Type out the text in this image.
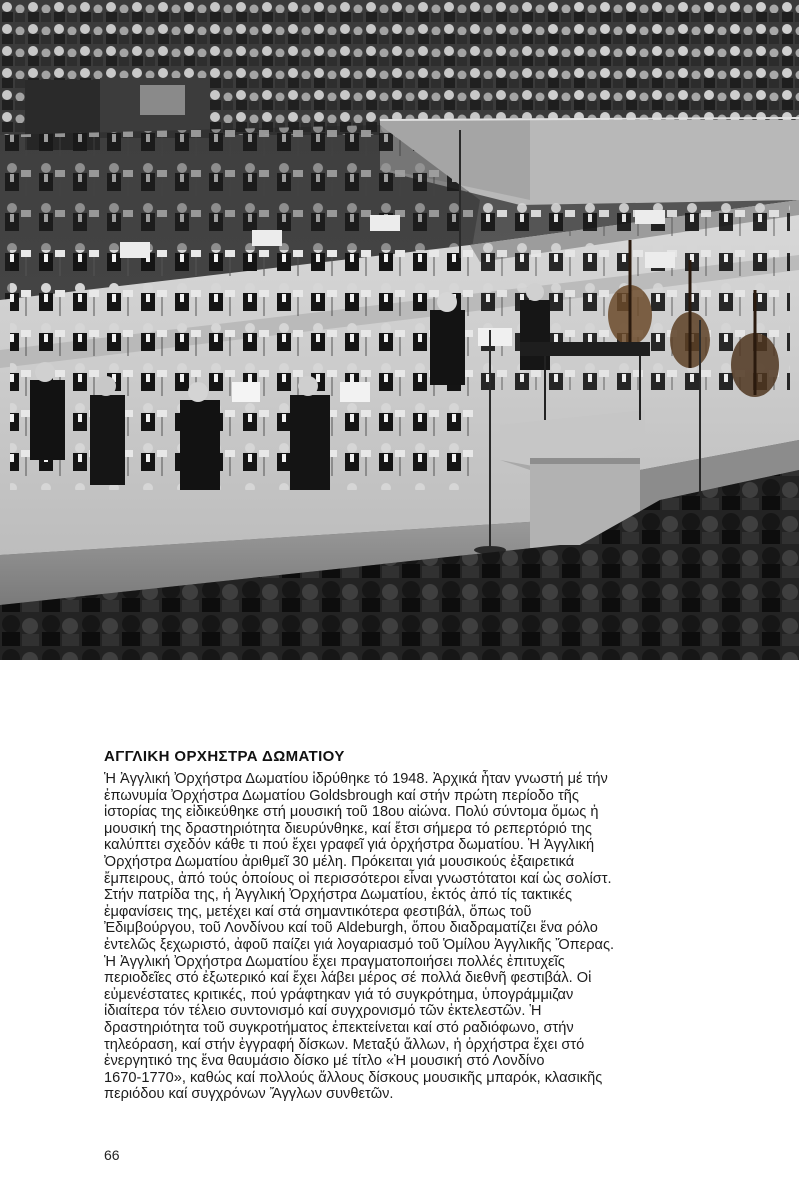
ΑΓΓΛΙΚΗ ΟΡΧΗΣΤΡΑ ΔΩΜΑΤΙΟΥ
Ἡ Ἀγγλική Ὀρχήστρα Δωματίου ἱδρύθηκε τό 1948. Ἀρχικά ἦταν γνωστή μέ τήν
ἐπωνυμία Ὀρχήστρα Δωματίου Goldsbrough καί στήν πρώτη περίοδο τῆς
ἱστορίας της εἰδικεύθηκε στή μουσική τοῦ 18ου αἰώνα. Πολύ σύντομα ὅμως ἡ
μουσική της δραστηριότητα διευρύνθηκε, καί ἔτσι σήμερα τό ρεπερτόριό της
καλύπτει σχεδόν κάθε τι πού ἔχει γραφεῖ γιά ὀρχήστρα δωματίου. Ἡ Ἀγγλική
Ὀρχήστρα Δωματίου ἀριθμεῖ 30 μέλη. Πρόκειται γιά μουσικούς ἐξαιρετικά
ἔμπειρους, ἀπό τούς ὁποίους οἱ περισσότεροι εἶναι γνωστότατοι καί ὡς σολίστ.
Στήν πατρίδα της, ἡ Ἀγγλική Ὀρχήστρα Δωματίου, ἐκτός ἀπό τίς τακτικές
ἐμφανίσεις της, μετέχει καί στά σημαντικότερα φεστιβάλ, ὅπως τοῦ
Ἐδιμβούργου, τοῦ Λονδίνου καί τοῦ Aldeburgh, ὅπου διαδραματίζει ἕνα ρόλο
ἐντελῶς ξεχωριστό, ἀφοῦ παίζει γιά λογαριασμό τοῦ Ὁμίλου Ἀγγλικῆς Ὄπερας.
Ἡ Ἀγγλική Ὀρχήστρα Δωματίου ἔχει πραγματοποιήσει πολλές ἐπιτυχεῖς
περιοδεῖες στό ἐξωτερικό καί ἔχει λάβει μέρος σέ πολλά διεθνῆ φεστιβάλ. Οἱ
εὐμενέστατες κριτικές, πού γράφτηκαν γιά τό συγκρότημα, ὑπογράμμιζαν
ἰδιαίτερα τόν τέλειο συντονισμό καί συγχρονισμό τῶν ἐκτελεστῶν. Ἡ
δραστηριότητα τοῦ συγκροτήματος ἐπεκτείνεται καί στό ραδιόφωνο, στήν
τηλεόραση, καί στήν ἐγγραφή δίσκων. Μεταξύ ἄλλων, ἡ ὀρχήστρα ἔχει στό
ἐνεργητικό της ἕνα θαυμάσιο δίσκο μέ τίτλο «Ἡ μουσική στό Λονδίνο
1670-1770», καθώς καί πολλούς ἄλλους δίσκους μουσικῆς μπαρόκ, κλασικῆς
περιόδου καί συγχρόνων Ἄγγλων συνθετῶν.
66
